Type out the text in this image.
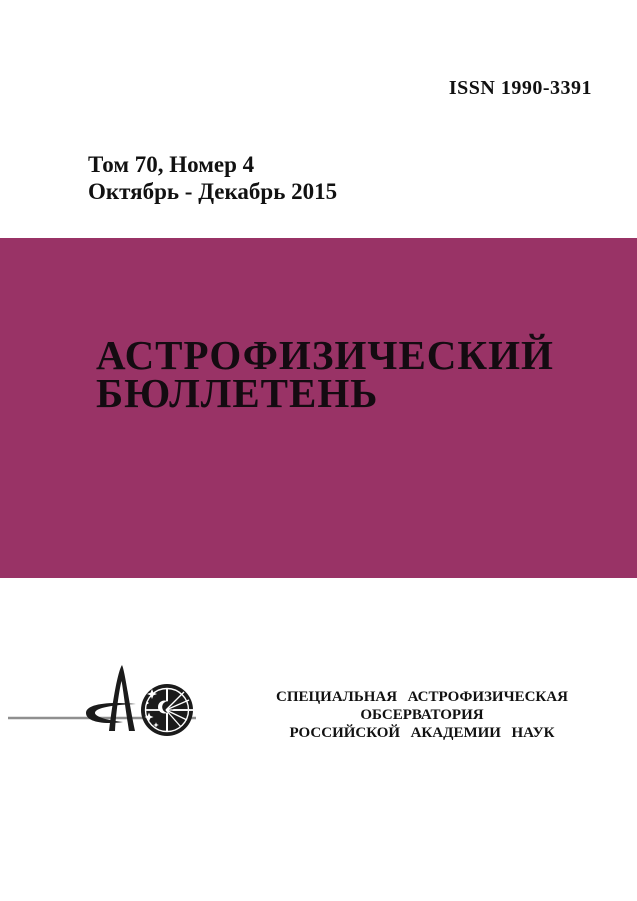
ISSN 1990-3391
Том 70, Номер 4
Октябрь - Декабрь 2015
АСТРОФИЗИЧЕСКИЙ
БЮЛЛЕТЕНЬ
СПЕЦИАЛЬНАЯ АСТРОФИЗИЧЕСКАЯ ОБСЕРВАТОРИЯ
РОССИЙСКОЙ АКАДЕМИИ НАУК
